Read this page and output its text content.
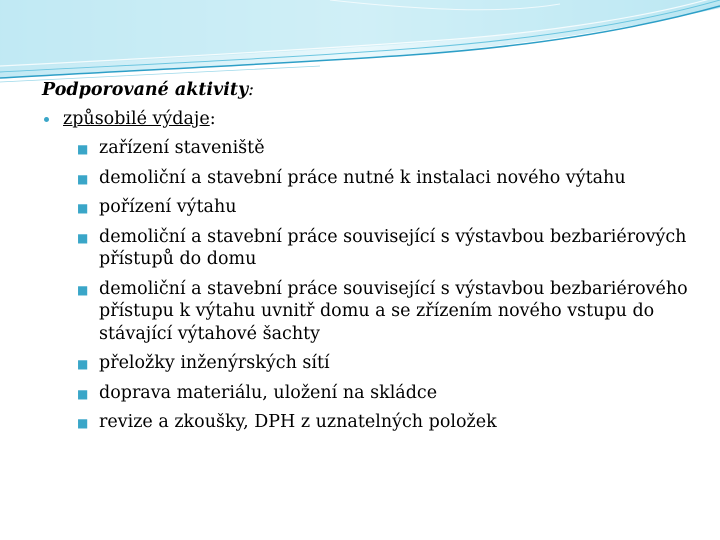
Podporované aktivity:
způsobilé výdaje:
■ zařízení staveniště
■ demoliční a stavební práce nutné k instalaci nového výtahu
■ pořízení výtahu
■ demoliční a stavební práce související s výstavbou bezbariérových přístupů do domu
■ demoliční a stavební práce související s výstavbou bezbariérového přístupu k výtahu uvnitř domu a se zřízením nového vstupu do stávající výtahové šachty
■ přeložky inženýrských sítí
■ doprava materiálu, uložení na skládce
■ revize a zkoušky, DPH z uznatelných položek
